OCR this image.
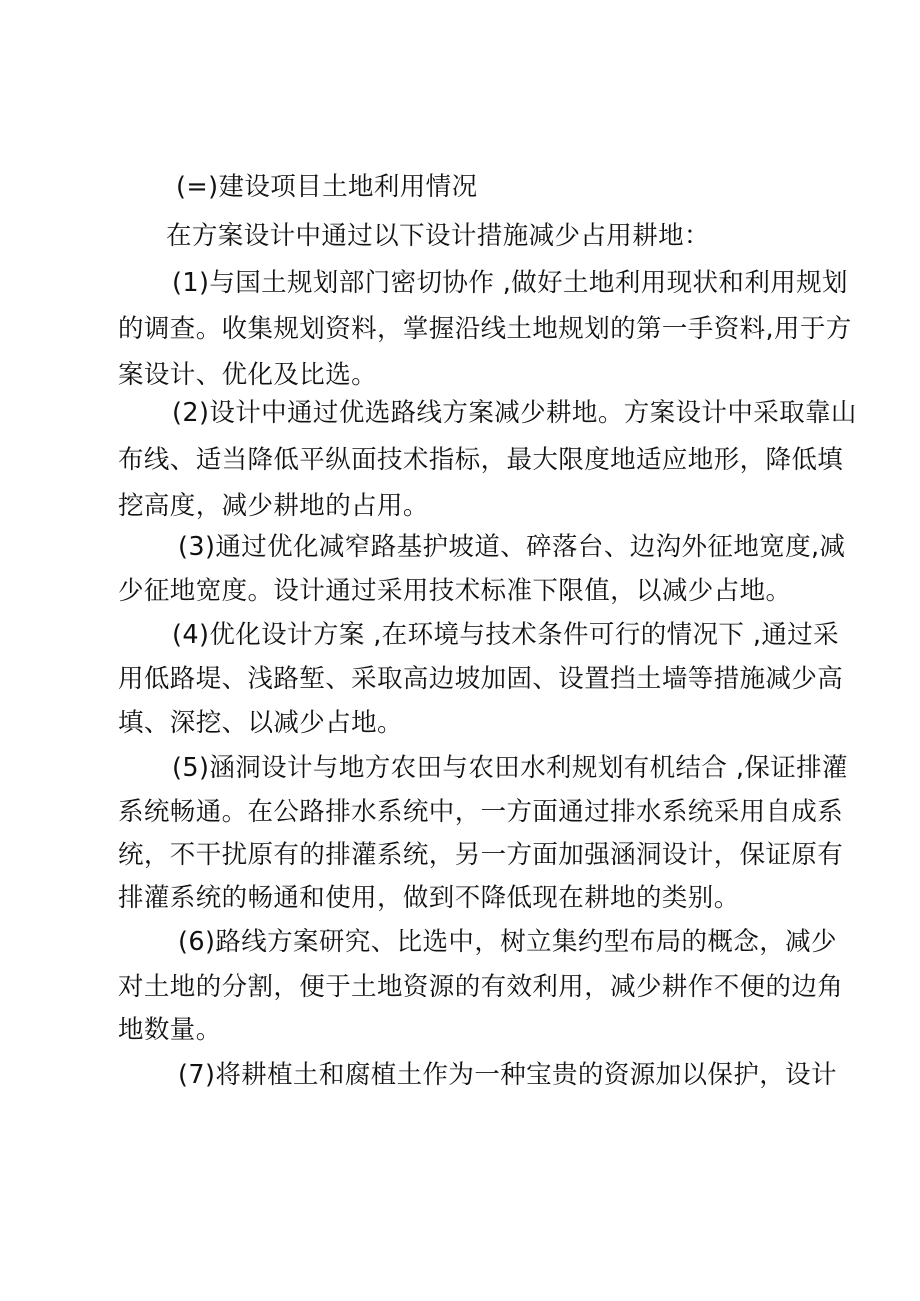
(=)建设项目土地利用情况
在方案设计中通过以下设计措施减少占用耕地：
(1)与国土规划部门密切协作 ,做好土地利用现状和利用规划
的调查。收集规划资料，掌握沿线土地规划的第一手资料,用于方
案设计、优化及比选。
(2)设计中通过优选路线方案减少耕地。方案设计中采取靠山
布线、适当降低平纵面技术指标，最大限度地适应地形，降低填
挖高度，减少耕地的占用。
(3)通过优化减窄路基护坡道、碎落台、边沟外征地宽度,减
少征地宽度。设计通过采用技术标准下限值，以减少占地。
(4)优化设计方案 ,在环境与技术条件可行的情况下 ,通过采
用低路堤、浅路堑、采取高边坡加固、设置挡土墙等措施减少高
填、深挖、以减少占地。
(5)涵洞设计与地方农田与农田水利规划有机结合 ,保证排灌
系统畅通。在公路排水系统中，一方面通过排水系统采用自成系
统，不干扰原有的排灌系统，另一方面加强涵洞设计，保证原有
排灌系统的畅通和使用，做到不降低现在耕地的类别。
(6)路线方案研究、比选中，树立集约型布局的概念，减少
对土地的分割，便于土地资源的有效利用，减少耕作不便的边角
地数量。
(7)将耕植土和腐植土作为一种宝贵的资源加以保护，设计
